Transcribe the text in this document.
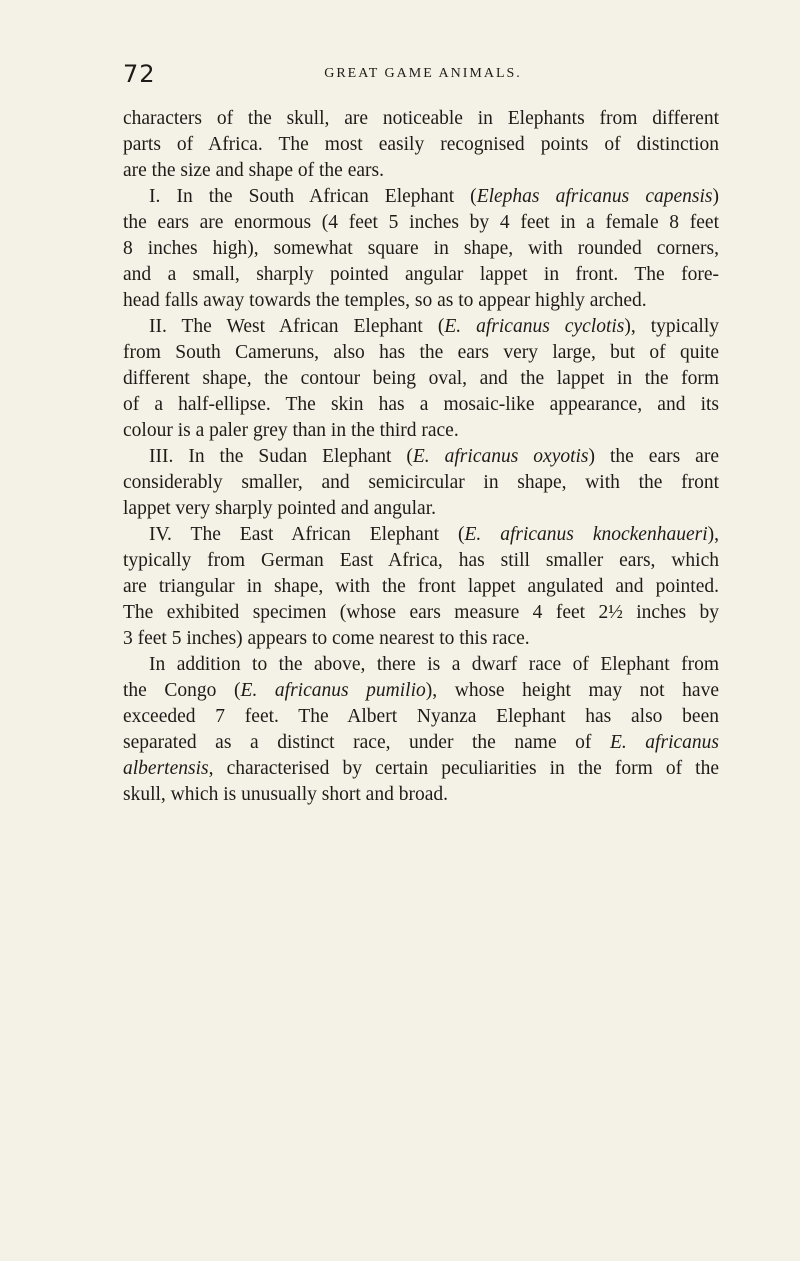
72	GREAT GAME ANIMALS.
characters of the skull, are noticeable in Elephants from different
parts of Africa. The most easily recognised points of distinction
are the size and shape of the ears.
I. In the South African Elephant (Elephas africanus capensis)
the ears are enormous (4 feet 5 inches by 4 feet in a female 8 feet
8 inches high), somewhat square in shape, with rounded corners,
and a small, sharply pointed angular lappet in front. The fore-
head falls away towards the temples, so as to appear highly arched.
II. The West African Elephant (E. africanus cyclotis), typically
from South Cameruns, also has the ears very large, but of quite
different shape, the contour being oval, and the lappet in the form
of a half-ellipse. The skin has a mosaic-like appearance, and its
colour is a paler grey than in the third race.
III. In the Sudan Elephant (E. africanus oxyotis) the ears are
considerably smaller, and semicircular in shape, with the front
lappet very sharply pointed and angular.
IV. The East African Elephant (E. africanus knockenhaueri),
typically from German East Africa, has still smaller ears, which
are triangular in shape, with the front lappet angulated and pointed.
The exhibited specimen (whose ears measure 4 feet 2½ inches by
3 feet 5 inches) appears to come nearest to this race.
In addition to the above, there is a dwarf race of Elephant from
the Congo (E. africanus pumilio), whose height may not have
exceeded 7 feet. The Albert Nyanza Elephant has also been
separated as a distinct race, under the name of E. africanus
albertensis, characterised by certain peculiarities in the form of the
skull, which is unusually short and broad.
